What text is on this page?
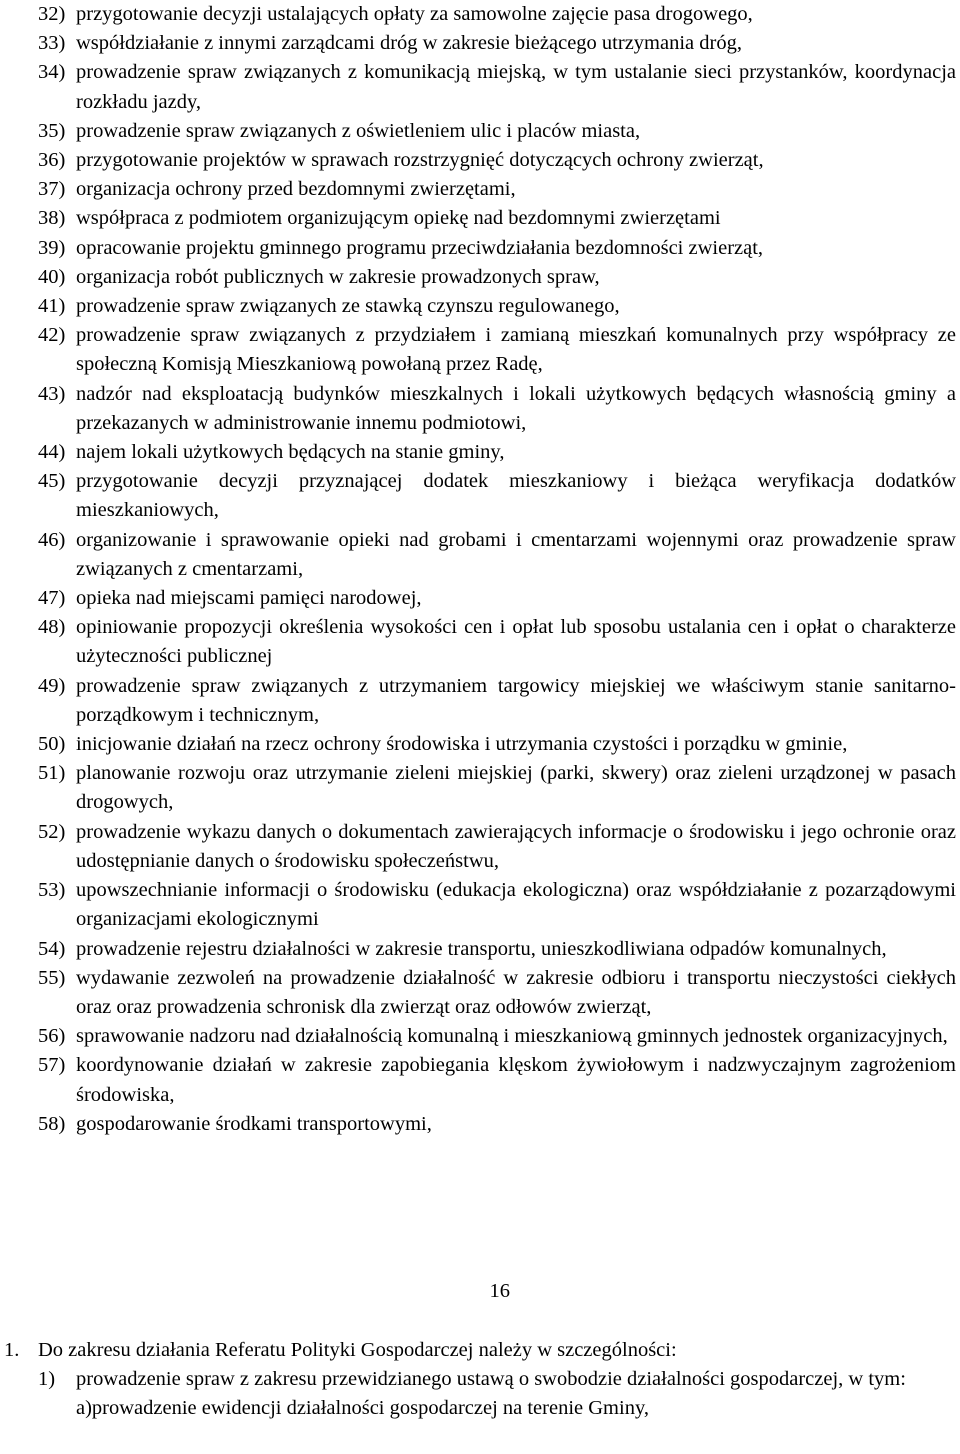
32) przygotowanie decyzji ustalających opłaty za samowolne zajęcie pasa drogowego,
33) współdziałanie z innymi zarządcami dróg w zakresie bieżącego utrzymania dróg,
34) prowadzenie spraw związanych z komunikacją miejską, w tym ustalanie sieci przystanków, koordynacja rozkładu jazdy,
35) prowadzenie spraw związanych z oświetleniem ulic i placów miasta,
36) przygotowanie projektów w sprawach rozstrzygnięć dotyczących ochrony zwierząt,
37) organizacja ochrony przed bezdomnymi zwierzętami,
38) współpraca z podmiotem organizującym opiekę nad bezdomnymi zwierzętami
39) opracowanie projektu gminnego programu przeciwdziałania bezdomności zwierząt,
40) organizacja robót publicznych w zakresie prowadzonych spraw,
41) prowadzenie spraw związanych ze stawką czynszu regulowanego,
42) prowadzenie spraw związanych z przydziałem i zamianą mieszkań komunalnych przy współpracy ze społeczną Komisją Mieszkaniową powołaną przez Radę,
43) nadzór nad eksploatacją budynków mieszkalnych i lokali użytkowych będących własnością gminy a przekazanych w administrowanie innemu podmiotowi,
44) najem lokali użytkowych będących na stanie gminy,
45) przygotowanie decyzji przyznającej dodatek mieszkaniowy i bieżąca weryfikacja dodatków mieszkaniowych,
46) organizowanie i sprawowanie opieki nad grobami i cmentarzami wojennymi oraz prowadzenie spraw związanych z cmentarzami,
47) opieka nad miejscami pamięci narodowej,
48) opiniowanie propozycji określenia wysokości cen i opłat lub sposobu ustalania cen i opłat o charakterze użyteczności publicznej
49) prowadzenie spraw związanych z utrzymaniem targowicy miejskiej we właściwym stanie sanitarno-porządkowym i technicznym,
50) inicjowanie działań na rzecz ochrony środowiska i utrzymania czystości i porządku w gminie,
51) planowanie rozwoju oraz utrzymanie zieleni miejskiej (parki, skwery) oraz zieleni urządzonej w pasach drogowych,
52) prowadzenie wykazu danych o dokumentach zawierających informacje o środowisku i jego ochronie oraz udostępnianie danych o środowisku społeczeństwu,
53) upowszechnianie informacji o środowisku (edukacja ekologiczna) oraz współdziałanie z pozarządowymi organizacjami ekologicznymi
54) prowadzenie rejestru działalności w zakresie transportu, unieszkodliwiana odpadów komunalnych,
55) wydawanie zezwoleń na prowadzenie działalność w zakresie odbioru i transportu nieczystości ciekłych oraz oraz prowadzenia schronisk dla zwierząt oraz odłowów zwierząt,
56) sprawowanie nadzoru nad działalnością komunalną i mieszkaniową gminnych jednostek organizacyjnych,
57) koordynowanie działań w zakresie zapobiegania klęskom żywiołowym i nadzwyczajnym zagrożeniom środowiska,
58) gospodarowanie środkami transportowymi,
16
1. Do zakresu działania Referatu Polityki Gospodarczej należy w szczególności:
1) prowadzenie spraw z zakresu przewidzianego ustawą o swobodzie działalności gospodarczej, w tym:
a)prowadzenie ewidencji działalności gospodarczej na terenie Gminy,
